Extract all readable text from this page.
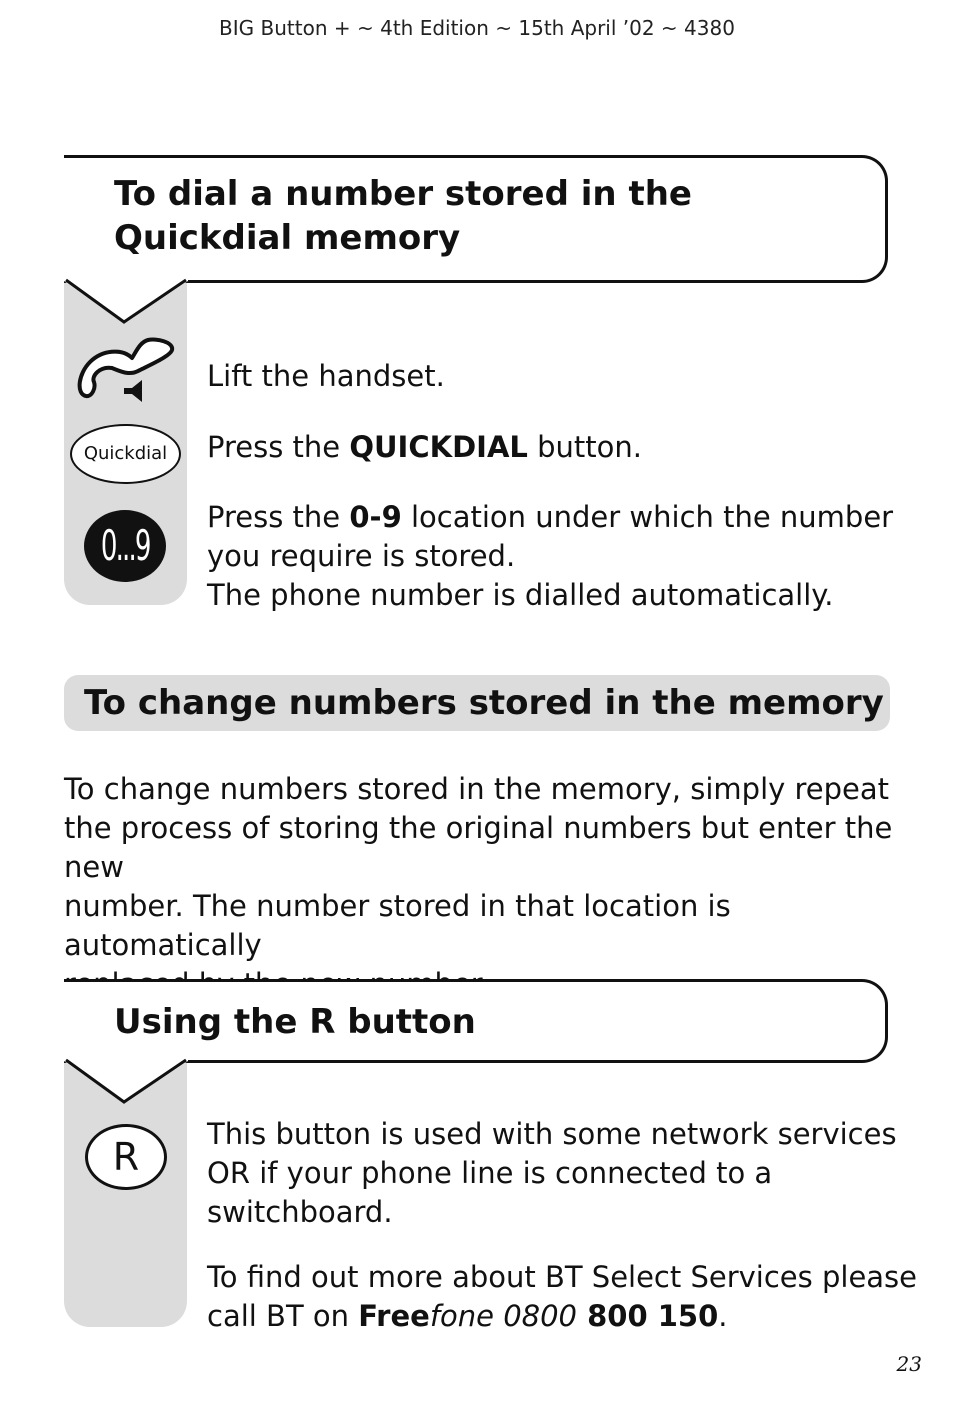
BIG Button + ~ 4th Edition ~ 15th April ’02 ~ 4380
To dial a number stored in the
Quickdial memory
Lift the handset.
Quickdial	Press the QUICKDIAL button.
0...9
Press the 0-9 location under which the number
you require is stored.
The phone number is dialled automatically.
To change numbers stored in the memory
To change numbers stored in the memory, simply repeat
the process of storing the original numbers but enter the new
number. The number stored in that location is automatically

Using the R button
R
This button is used with some network services
OR if your phone line is connected to a
switchboard.
To find out more about BT Select Services please
call BT on Freefone 0800 800 150.
23
